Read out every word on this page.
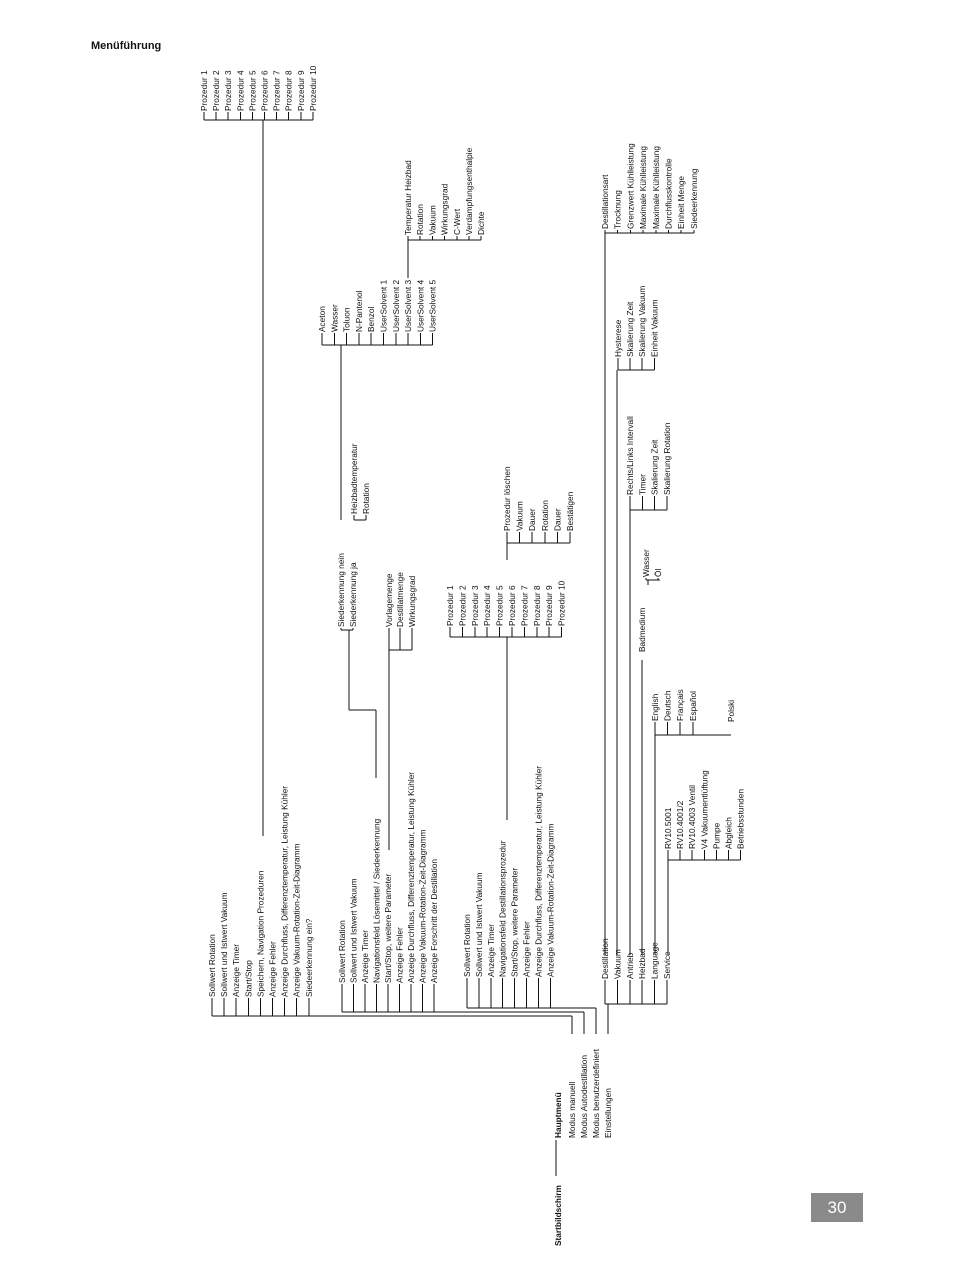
Menüführung
Startbildschirm
Hauptmenü Modus manuell Modus Autodestillation Modus benutzerdefiniert Einstellungen
Sollwert Rotation Sollwert und Istwert Vakuum Anzeige Timer Start/Stop Speichern, Navigation Prozeduren Anzeige Fehler Anzeige Durchfluss, Differenztemperatur, Leistung Kühler Anzeige Vakuum-Rotation-Zeit-Diagramm Siedeerkennung ein?
Prozedur 1 Prozedur 2 Prozedur 3 Prozedur 4 Prozedur 5 Prozedur 6 Prozedur 7 Prozedur 8 Prozedur 9 Prozedur 10
Sollwert Rotation Sollwert und Istwert Vakuum Anzeige Timer Navigationsfeld Lösemittel / Siedeerkennung Start/Stop, weitere Parameter Anzeige Fehler Anzeige Durchfluss, Differenztemperatur, Leistung Kühler Anzeige Vakuum-Rotation-Zeit-Diagramm Anzeige Forschritt der Destillation
Siederkennung nein Siederkennung ja
Heizbadtemperatur Rotation
Aceton Wasser Toluon N-Pantenol Benzol UserSolvent 1 UserSolvent 2 UserSolvent 3 UserSolvent 4 UserSolvent 5
Temperatur Heizbad Rotation Vakuum Wirkungsgrad C-Wert Verdampfungsenthalpie Dichte
Vorlagemenge Destillatmenge Wirkungsgrad
Sollwert Rotation Sollwert und Istwert Vakuum Anzeige Timer Navigationsfeld Destillationsprozedur Start/Stop, weitere Parameter Anzeige Fehler Anzeige Durchfluss, Differenztemperatur, Leistung Kühler Anzeige Vakuum-Rotation-Zeit-Diagramm
Prozedur 1 Prozedur 2 Prozedur 3 Prozedur 4 Prozedur 5 Prozedur 6 Prozedur 7 Prozedur 8 Prozedur 9 Prozedur 10
Prozedur löschen Vakuum Dauer Rotation Dauer Bestätigen
Destillation Vakuum Antrieb Heizbad Language Service
Destillationsart Trocknung Grenzwert Kühlleistung Maximale Kühlleistung Maximale Kühlleistung Durchflusskontrolle Einheit Menge Siedeerkennung
Hysterese Skalierung Zeit Skalierung Vakuum Einheit Vakuum
Rechts/Links Intervall Timer Skalierung Zeit Skalierung Rotation
Badmedium
Wasser Öl
English Deutsch Français Español	Polski
RV10.5001 RV10.4001/2 RV10.4003 Ventil V4 Vakuumentlüftung Pumpe Abgleich Betriebsstunden
30
